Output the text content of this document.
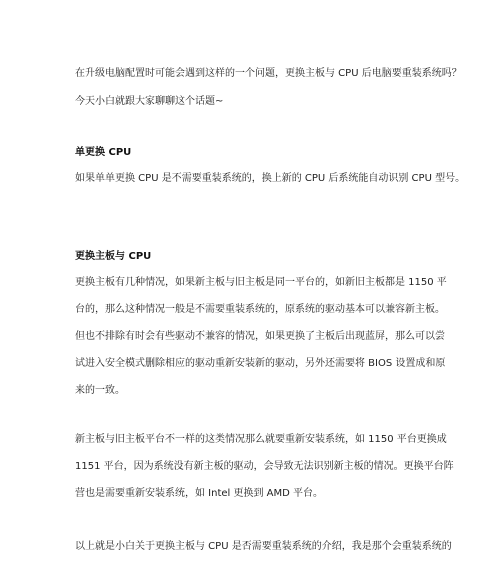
在升级电脑配置时可能会遇到这样的一个问题，更换主板与 CPU 后电脑要重装系统吗？
今天小白就跟大家聊聊这个话题~
单更换 CPU
如果单单更换 CPU 是不需要重装系统的，换上新的 CPU 后系统能自动识别 CPU 型号。
更换主板与 CPU
更换主板有几种情况，如果新主板与旧主板是同一平台的，如新旧主板都是 1150 平
台的，那么这种情况一般是不需要重装系统的，原系统的驱动基本可以兼容新主板。
但也不排除有时会有些驱动不兼容的情况，如果更换了主板后出现蓝屏，那么可以尝
试进入安全模式删除相应的驱动重新安装新的驱动，另外还需要将 BIOS 设置成和原
来的一致。
新主板与旧主板平台不一样的这类情况那么就要重新安装系统，如 1150 平台更换成
1151 平台，因为系统没有新主板的驱动，会导致无法识别新主板的情况。更换平台阵
营也是需要重新安装系统，如 Intel 更换到 AMD 平台。
以上就是小白关于更换主板与 CPU 是否需要重装系统的介绍，我是那个会重装系统的
